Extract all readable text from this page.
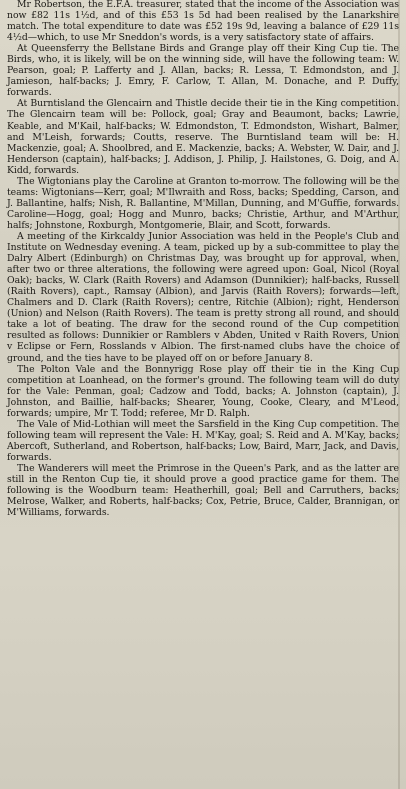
Mr Robertson, the E.F.A. treasurer, stated that the income of the Association was now £82 11s 1½d, and of this £53 1s 5d had been realised by the Lanarkshire match. The total expenditure to date was £52 19s 9d, leaving a balance of £29 11s 4½d—which, to use Mr Sneddon's words, is a very satisfactory state of affairs.

At Queensferry the Bellstane Birds and Grange play off their King Cup tie. The Birds, who, it is likely, will be on the winning side, will have the following team: W. Pearson, goal; P. Lafferty and J. Allan, backs; R. Lessa, T. Edmondston, and J. Jamieson, half-backs; J. Emry, F. Carlow, T. Allan, M. Donache, and P. Duffy, forwards.

At Burntisland the Glencairn and Thistle decide their tie in the King competition. The Glencairn team will be: Pollock, goal; Gray and Beaumont, backs; Lawrie, Keable, and M'Kail, half-backs; W. Edmondston, T. Edmondston, Wishart, Balmer, and M'Leish, forwards; Coutts, reserve. The Burntisland team will be: H. Mackenzie, goal; A. Shoolbred, and E. Mackenzie, backs; A. Webster, W. Dair, and J. Henderson (captain), half-backs; J. Addison, J. Philip, J. Hailstones, G. Doig, and A. Kidd, forwards.

The Wigtonians play the Caroline at Granton to-morrow. The following will be the teams: Wigtonians—Kerr, goal; M'Ilwraith and Ross, backs; Spedding, Carson, and J. Ballantine, halfs; Nish, R. Ballantine, M'Millan, Dunning, and M'Guffie, forwards. Caroline—Hogg, goal; Hogg and Munro, backs; Christie, Arthur, and M'Arthur, halfs; Johnstone, Roxburgh, Montgomerie, Blair, and Scott, forwards.

A meeting of the Kirkcaldy Junior Association was held in the People's Club and Institute on Wednesday evening. A team, picked up by a sub-committee to play the Dalry Albert (Edinburgh) on Christmas Day, was brought up for approval, when, after two or three alterations, the following were agreed upon: Goal, Nicol (Royal Oak); backs, W. Clark (Raith Rovers) and Adamson (Dunnikier); half-backs, Russell (Raith Rovers), capt., Ramsay (Albion), and Jarvis (Raith Rovers); forwards—left, Chalmers and D. Clark (Raith Rovers); centre, Ritchie (Albion); right, Henderson (Union) and Nelson (Raith Rovers). The team is pretty strong all round, and should take a lot of beating. The draw for the second round of the Cup competition resulted as follows: Dunnikier or Ramblers v Abden, United v Raith Rovers, Union v Eclipse or Fern, Rosslands v Albion. The first-named clubs have the choice of ground, and the ties have to be played off on or before January 8.

The Polton Vale and the Bonnyrigg Rose play off their tie in the King Cup competition at Loanhead, on the former's ground. The following team will do duty for the Vale: Penman, goal; Cadzow and Todd, backs; A. Johnston (captain), J. Johnston, and Baillie, half-backs; Shearer, Young, Cooke, Cleary, and M'Leod, forwards; umpire, Mr T. Todd; referee, Mr D. Ralph.

The Vale of Mid-Lothian will meet the Sarsfield in the King Cup competition. The following team will represent the Vale: H. M'Kay, goal; S. Reid and A. M'Kay, backs; Abercoft, Sutherland, and Robertson, half-backs; Low, Baird, Marr, Jack, and Davis, forwards.

The Wanderers will meet the Primrose in the Queen's Park, and as the latter are still in the Renton Cup tie, it should prove a good practice game for them. The following is the Woodburn team: Heatherhill, goal; Bell and Carruthers, backs; Melrose, Walker, and Roberts, half-backs; Cox, Petrie, Bruce, Calder, Brannigan, or M'Williams, forwards.
